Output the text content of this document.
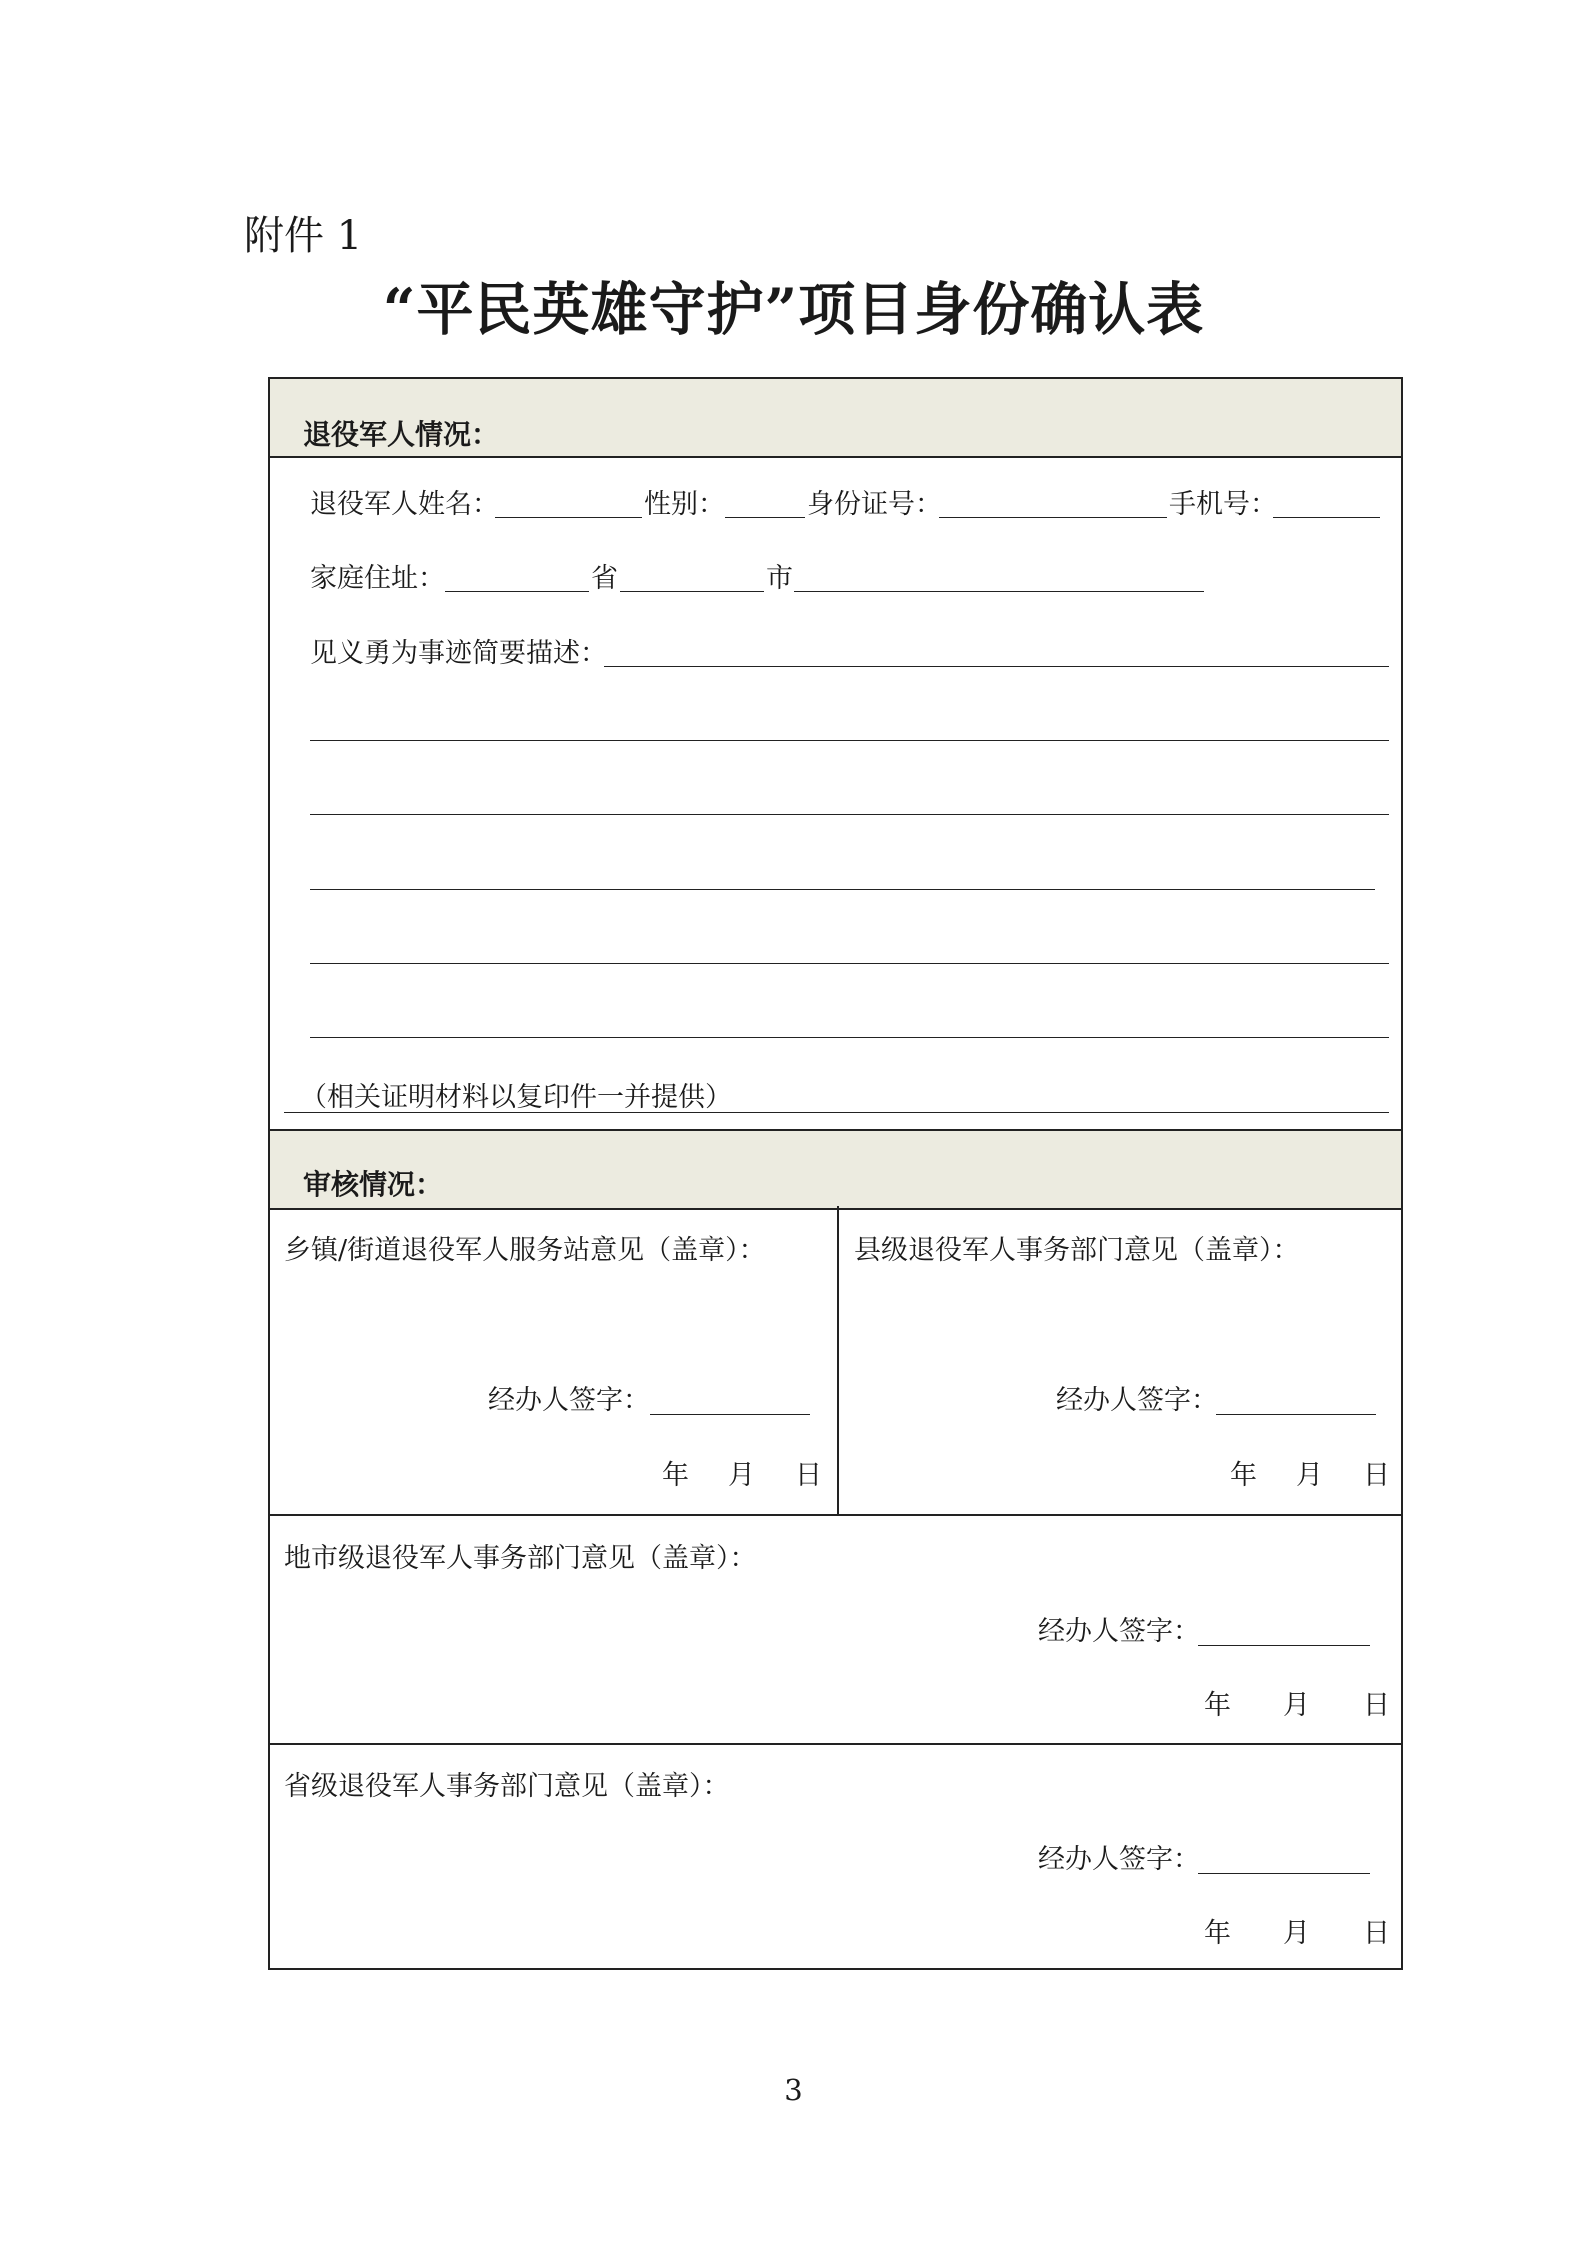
附件 1
“平民英雄守护”项目身份确认表
退役军人情况：
退役军人姓名：	性别：	身份证号：	手机号：
家庭住址：	省	市
见义勇为事迹简要描述：
（相关证明材料以复印件一并提供）
审核情况：
乡镇/街道退役军人服务站意见（盖章）：
经办人签字：
年 月 日
县级退役军人事务部门意见（盖章）：
经办人签字：
年 月 日
地市级退役军人事务部门意见（盖章）：
经办人签字：
年 月 日
省级退役军人事务部门意见（盖章）：
经办人签字：
年 月 日
3
